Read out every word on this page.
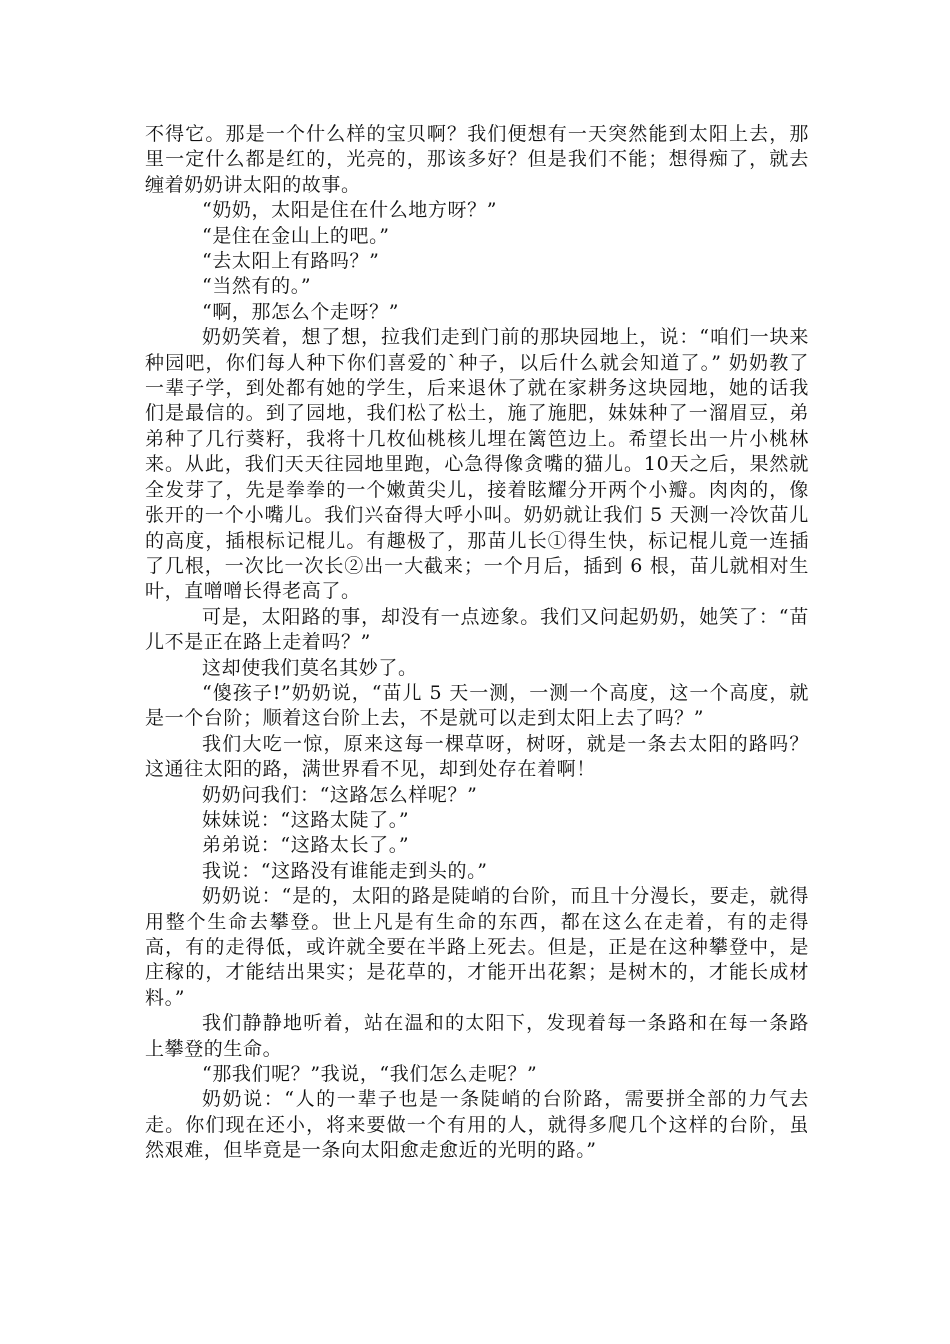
不得它。那是一个什么样的宝贝啊？我们便想有一天突然能到太阳上去，那里一定什么都是红的，光亮的，那该多好？但是我们不能；想得痴了，就去缠着奶奶讲太阳的故事。

“奶奶，太阳是住在什么地方呀？”

“是住在金山上的吧。”

“去太阳上有路吗？”

“当然有的。”

“啊，那怎么个走呀？”

奶奶笑着，想了想，拉我们走到门前的那块园地上，说：“咱们一块来种园吧，你们每人种下你们喜爱的`种子，以后什么就会知道了。” 奶奶教了一辈子学，到处都有她的学生，后来退休了就在家耕务这块园地，她的话我们是最信的。到了园地，我们松了松土，施了施肥，妹妹种了一溜眉豆，弟弟种了几行葵籽，我将十几枚仙桃核儿埋在篱笆边上。希望长出一片小桃林来。从此，我们天天往园地里跑，心急得像贪嘴的猫儿。10天之后，果然就全发芽了，先是拳拳的一个嫩黄尖儿，接着眩耀分开两个小瓣。肉肉的，像张开的一个小嘴儿。我们兴奋得大呼小叫。奶奶就让我们 5 天测一冷饮苗儿的高度，插根标记棍儿。有趣极了，那苗儿长①得生快，标记棍儿竟一连插了几根，一次比一次长②出一大截来；一个月后，插到 6 根，苗儿就相对生叶，直噌噌长得老高了。

可是，太阳路的事，却没有一点迹象。我们又问起奶奶，她笑了：“苗儿不是正在路上走着吗？”

这却使我们莫名其妙了。

“傻孩子!”奶奶说，“苗儿 5 天一测，一测一个高度，这一个高度，就是一个台阶；顺着这台阶上去，不是就可以走到太阳上去了吗？”

我们大吃一惊，原来这每一棵草呀，树呀，就是一条去太阳的路吗？这通往太阳的路，满世界看不见，却到处存在着啊！

奶奶问我们：“这路怎么样呢？”

妹妹说：“这路太陡了。”

弟弟说：“这路太长了。”

我说：“这路没有谁能走到头的。”

奶奶说：“是的，太阳的路是陡峭的台阶，而且十分漫长，要走，就得用整个生命去攀登。世上凡是有生命的东西，都在这么在走着，有的走得高，有的走得低，或许就全要在半路上死去。但是，正是在这种攀登中，是庄稼的，才能结出果实；是花草的，才能开出花絮；是树木的，才能长成材料。”

我们静静地听着，站在温和的太阳下，发现着每一条路和在每一条路上攀登的生命。

“那我们呢？”我说，“我们怎么走呢？”

奶奶说：“人的一辈子也是一条陡峭的台阶路，需要拼全部的力气去走。你们现在还小，将来要做一个有用的人，就得多爬几个这样的台阶，虽然艰难，但毕竟是一条向太阳愈走愈近的光明的路。”
